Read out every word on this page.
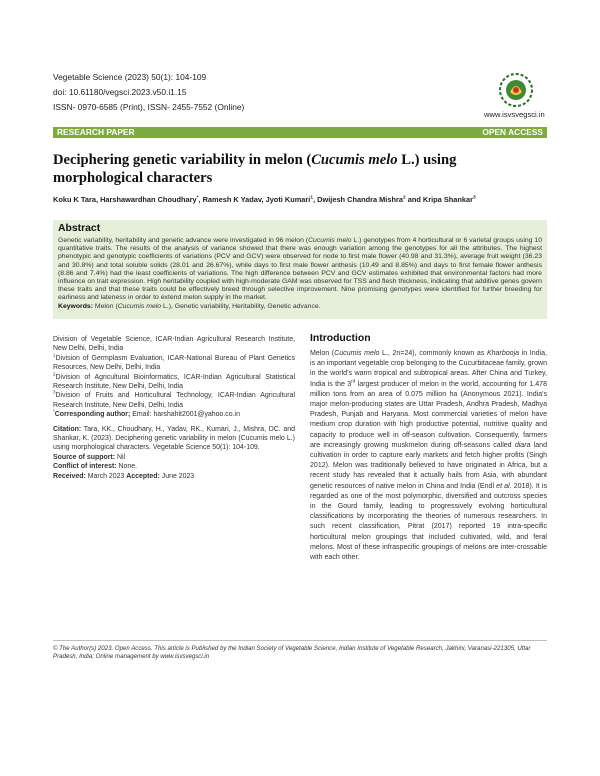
Vegetable Science (2023) 50(1): 104-109
doi: 10.61180/vegsci.2023.v50.i1.15
ISSN- 0970-6585 (Print), ISSN- 2455-7552 (Online)
www.isvsvegsci.in
RESEARCH PAPER	OPEN ACCESS
Deciphering genetic variability in melon (Cucumis melo L.) using morphological characters
Koku K Tara, Harshawardhan Choudhary*, Ramesh K Yadav, Jyoti Kumari$^1$, Dwijesh Chandra Mishra$^2$ and Kripa Shankar$^3$
Abstract

Genetic variability, heritability and genetic advance were investigated in 96 melon (Cucumis melo L.) genotypes from 4 horticultural or 6 varietal groups using 10 quantitative traits. The results of the analysis of variance showed that there was enough variation among the genotypes for all the attributes. The highest phenotypic and genotypic coefficients of variations (PCV and GCV) were observed for node to first male flower (40.98 and 31.3%), average fruit weight (36.23 and 30.8%) and total soluble solids (28.01 and 26.67%), while days to first male flower anthesis (10.49 and 8.85%) and days to first female flower anthesis (8.86 and 7.4%) had the least coefficients of variations. The high difference between PCV and GCV estimates exhibited that environmental factors had more influence on trait expression. High heritability coupled with high-moderate GAM was observed for TSS and flesh thickness, indicating that additive genes govern these traits and that these traits could be effectively breed through selective improvement. Nine promising genotypes were identified for further breeding for earliness and lateness in order to extend melon supply in the market.

Keywords: Melon (Cucumis melo L.), Genetic variability, Heritability, Genetic advance.

Division of Vegetable Science, ICAR-Indian Agricultural Research Institute, New Delhi, Delhi, India

$^1$Division of Germplasm Evaluation, ICAR-National Bureau of Plant Genetics Resources, New Delhi, Delhi, India

$^2$Division of Agricultural Bioinformatics, ICAR-Indian Agricultural Statistical Research Institute, New Delhi, Delhi, India

$^3$Division of Fruits and Horticultural Technology, ICAR-Indian Agricultural Research Institute, New Delhi, Delhi, India

*Corresponding author; Email: harshahit2001@yahoo.co.in

Citation: Tara, KK., Choudhary, H., Yadav, RK., Kumari, J., Mishra, DC. and Shankar, K. (2023). Deciphering genetic variability in melon (Cucumis melo L.) using morphological characters. Vegetable Science 50(1): 104-109.

Source of support: Nil

Conflict of interest: None.

Received: March 2023 Accepted: June 2023

Introduction

Melon (Cucumis melo L., 2n=24), commonly known as Kharbooja in India, is an important vegetable crop belonging to the Cucurbitaceae family, grown in the world's warm tropical and subtropical areas. After China and Turkey, India is the 3rd largest producer of melon in the world, accounting for 1.478 million tons from an area of 0.075 million ha (Anonymous 2021). India's major melon-producing states are Uttar Pradesh, Andhra Pradesh, Madhya Pradesh, Punjab and Haryana. Most commercial varieties of melon have medium crop duration with high productive potential, nutritive quality and capacity to produce well in off-season cultivation. Consequently, farmers are increasingly growing muskmelon during off-seasons called diara land cultivation in order to capture early markets and fetch higher profits (Singh 2012). Melon was traditionally believed to have originated in Africa, but a recent study has revealed that it actually hails from Asia, with abundant genetic resources of native melon in China and India (Endl et al. 2018). It is regarded as one of the most polymorphic, diversified and outcross species in the Gourd family, leading to progressively evolving horticultural classifications by incorporating the theories of numerous researchers. In such recent classification, Pitrat (2017) reported 19 intra-specific horticultural melon groupings that included cultivated, wild, and feral melons. Most of these infraspecific groupings of melons are inter-crossable with each other.

© The Author(s) 2023. Open Access. This article is Published by the Indian Society of Vegetable Science, Indian Institute of Vegetable Research, Jakhini, Varanasi-221305, Uttar Pradesh, India; Online management by www.isvsvegsci.in
